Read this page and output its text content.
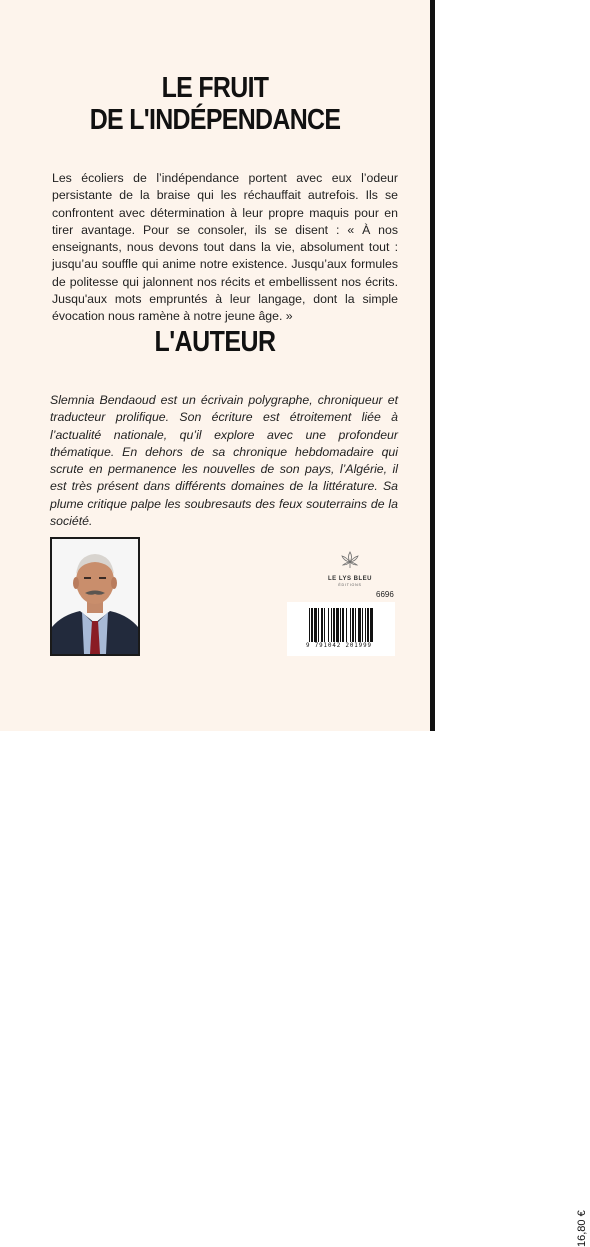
LE FRUIT
DE L'INDÉPENDANCE

Les écoliers de l’indépendance portent avec eux l’odeur persistante de la braise qui les réchauffait autrefois. Ils se confrontent avec détermination à leur propre maquis pour en tirer avantage. Pour se consoler, ils se disent : « À nos enseignants, nous devons tout dans la vie, absolument tout : jusqu’au souffle qui anime notre existence. Jusqu’aux formules de politesse qui jalonnent nos récits et embellissent nos écrits. Jusqu'aux mots empruntés à leur langage, dont la simple évocation nous ramène à notre jeune âge. »

L'AUTEUR

Slemnia Bendaoud est un écrivain polygraphe, chroniqueur et traducteur prolifique. Son écriture est étroitement liée à l’actualité nationale, qu’il explore avec une profondeur thématique. En dehors de sa chronique hebdomadaire qui scrute en permanence les nouvelles de son pays, l’Algérie, il est très présent dans différents domaines de la littérature. Sa plume critique palpe les soubresauts des feux souterrains de la société.

LE LYS BLEU
ÉDITIONS
6696
16,80 €
9 791042 201999
